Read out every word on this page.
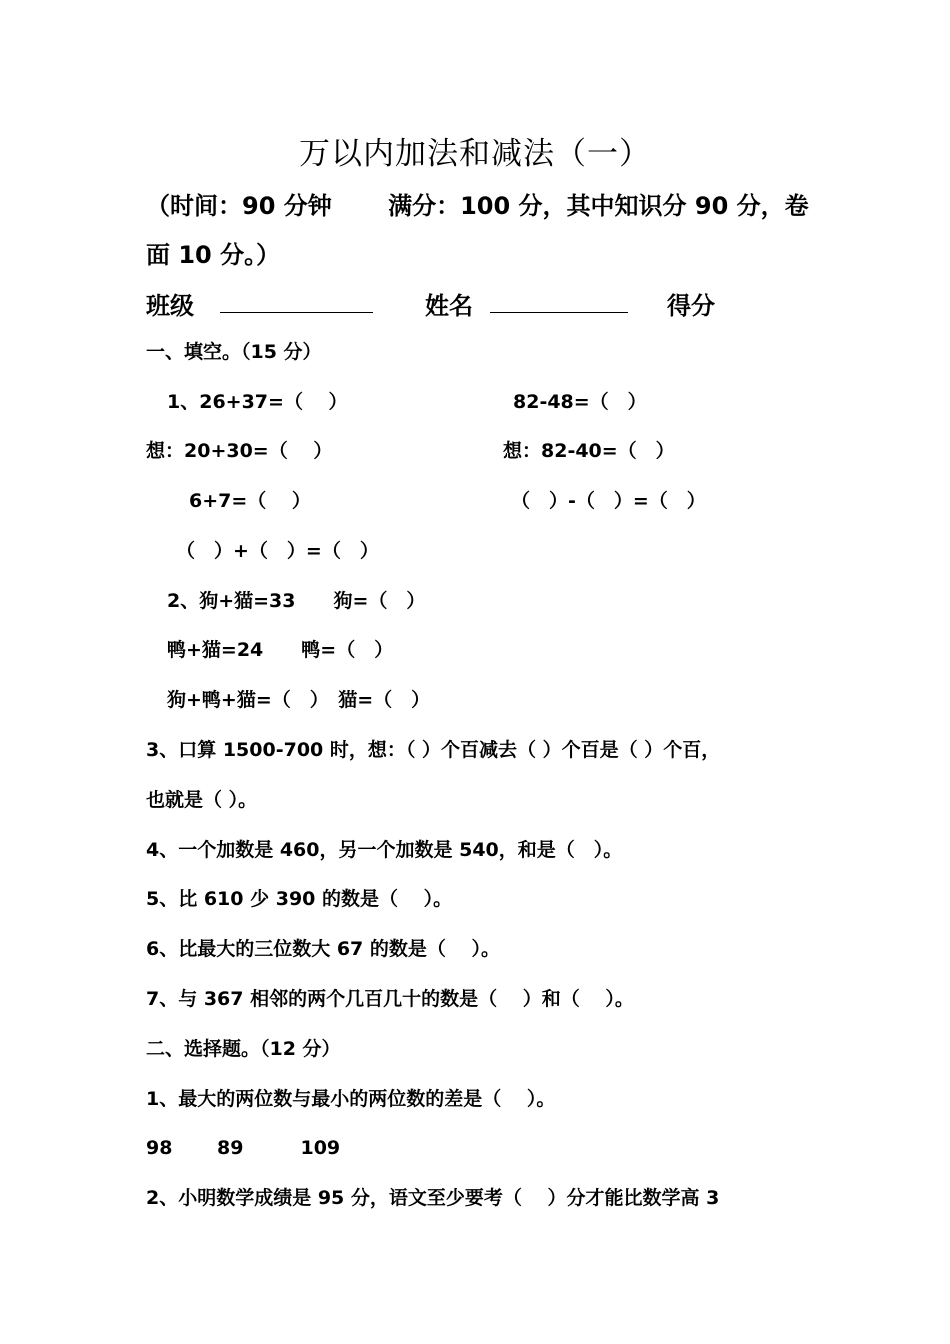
万以内加法和减法（一）
（时间：90 分钟　　 满分：100 分，其中知识分 90 分，卷
面 10 分。）
班级	姓名	得分
一、填空。（15 分）
1、26+37=（　 ）	82-48=（　）
想：20+30=（　 ）	想：82-40=（　）
6+7=（　 ）	（　）-（　）=（　）
（　）+（　）=（　）
2、狗+猫=33　　狗=（　）
鸭+猫=24　　鸭=（　）
狗+鸭+猫=（　）　猫=（　）
3、口算 1500-700 时，想：（ ）个百减去（ ）个百是（ ）个百，
也就是（ ）。
4、一个加数是 460，另一个加数是 540，和是（　）。
5、比 610 少 390 的数是（　 ）。
6、比最大的三位数大 67 的数是（　 ）。
7、与 367 相邻的两个几百几十的数是（　 ）和（　 ）。
二、选择题。（12 分）
1、最大的两位数与最小的两位数的差是（　 ）。
98　　 89　　　109
2、小明数学成绩是 95 分，语文至少要考（　 ）分才能比数学高 3
